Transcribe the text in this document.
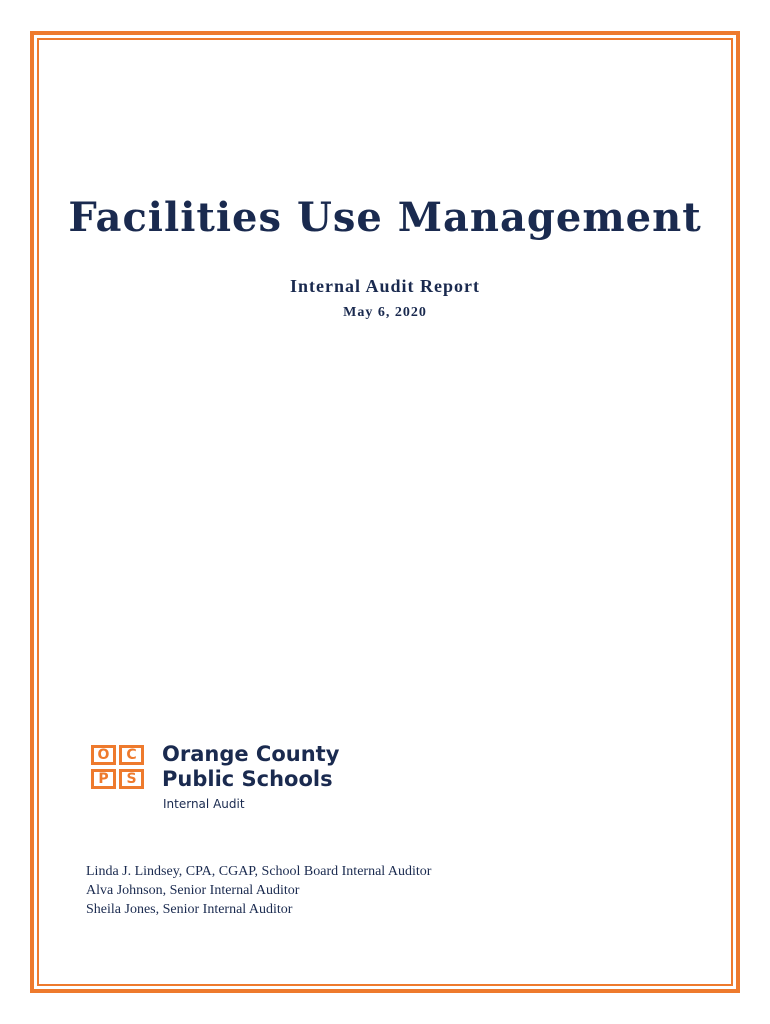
Facilities Use Management
Internal Audit Report
May 6, 2020
O	C
P	S
Orange County
Public Schools
Internal Audit
Linda J. Lindsey, CPA, CGAP, School Board Internal Auditor
Alva Johnson, Senior Internal Auditor
Sheila Jones, Senior Internal Auditor
